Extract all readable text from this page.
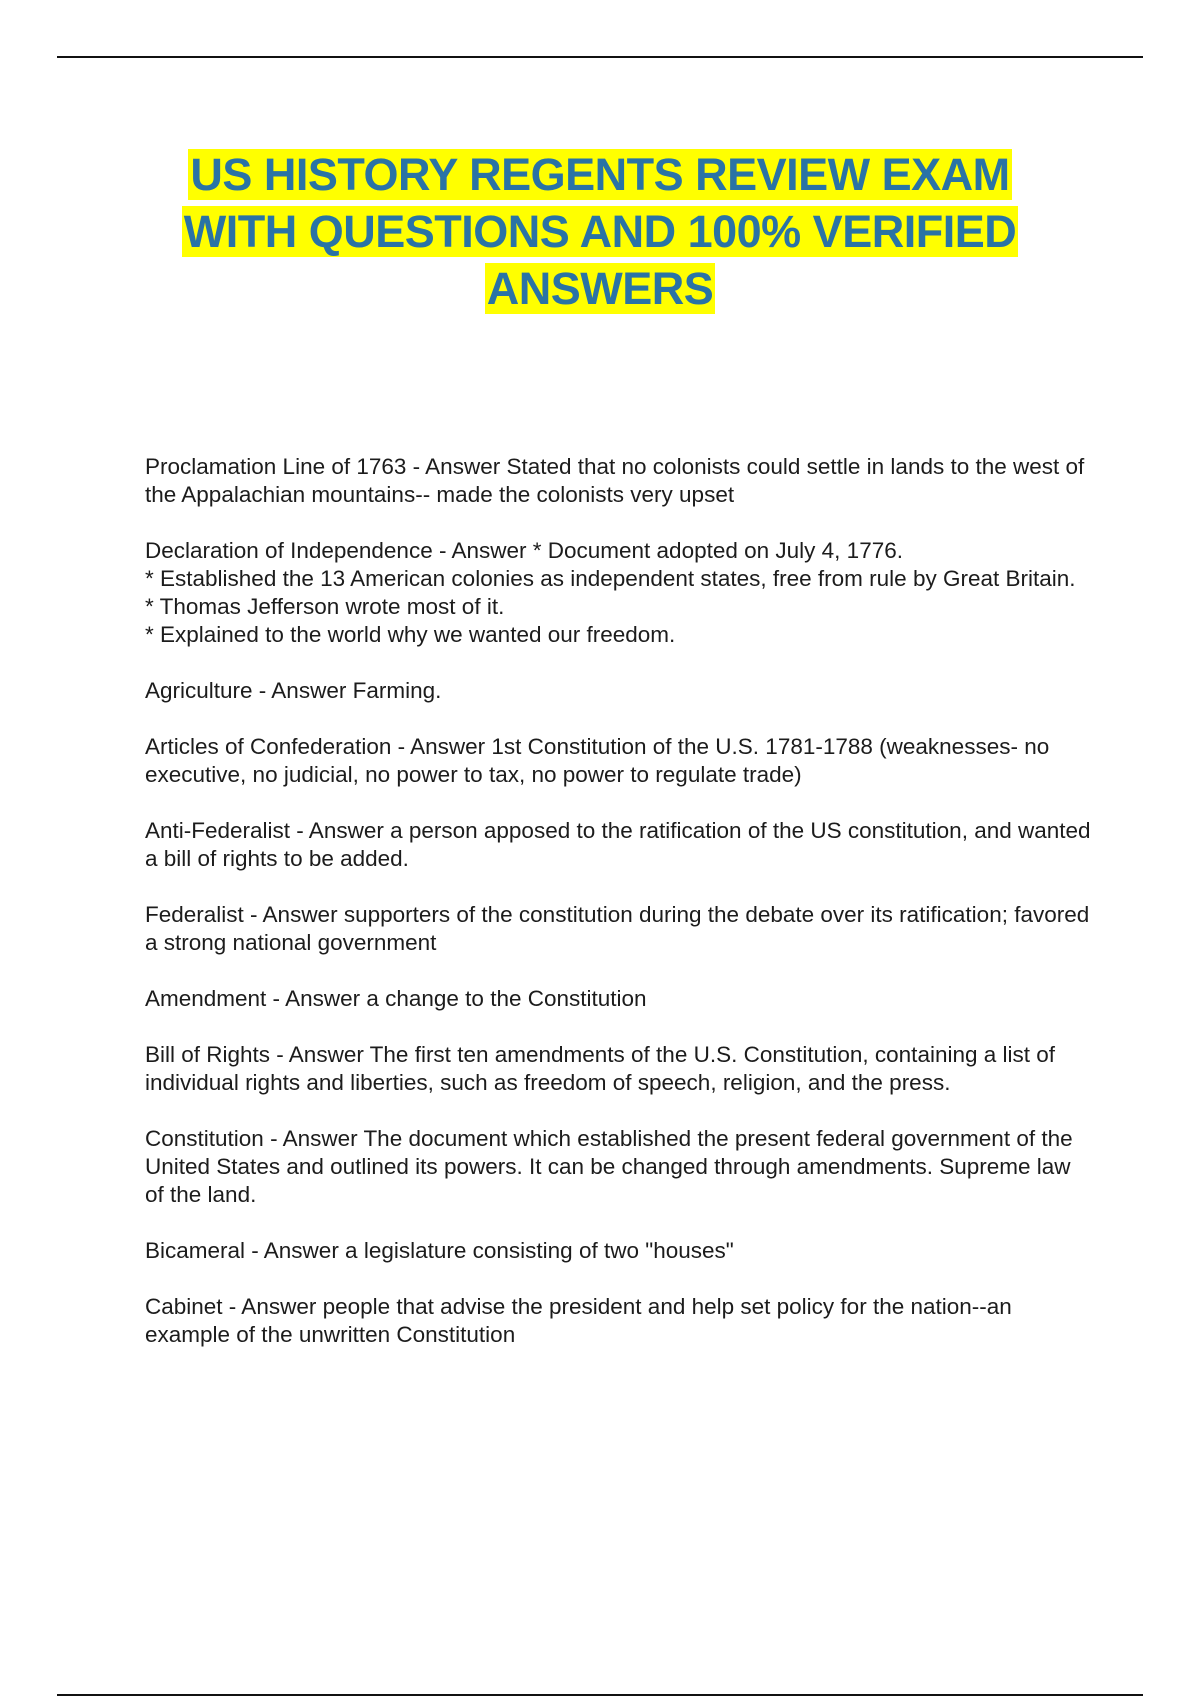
US HISTORY REGENTS REVIEW EXAM
WITH QUESTIONS AND 100% VERIFIED
ANSWERS

Proclamation Line of 1763 - Answer Stated that no colonists could settle in lands to the west of the Appalachian mountains-- made the colonists very upset

Declaration of Independence - Answer * Document adopted on July 4, 1776.

* Established the 13 American colonies as independent states, free from rule by Great Britain.

* Thomas Jefferson wrote most of it.

* Explained to the world why we wanted our freedom.

Agriculture - Answer Farming.

Articles of Confederation - Answer 1st Constitution of the U.S. 1781-1788 (weaknesses- no executive, no judicial, no power to tax, no power to regulate trade)

Anti-Federalist - Answer a person apposed to the ratification of the US constitution, and wanted a bill of rights to be added.

Federalist - Answer supporters of the constitution during the debate over its ratification; favored a strong national government

Amendment - Answer a change to the Constitution

Bill of Rights - Answer The first ten amendments of the U.S. Constitution, containing a list of individual rights and liberties, such as freedom of speech, religion, and the press.

Constitution - Answer The document which established the present federal government of the United States and outlined its powers. It can be changed through amendments. Supreme law of the land.

Bicameral - Answer a legislature consisting of two "houses"

Cabinet - Answer people that advise the president and help set policy for the nation--an example of the unwritten Constitution
